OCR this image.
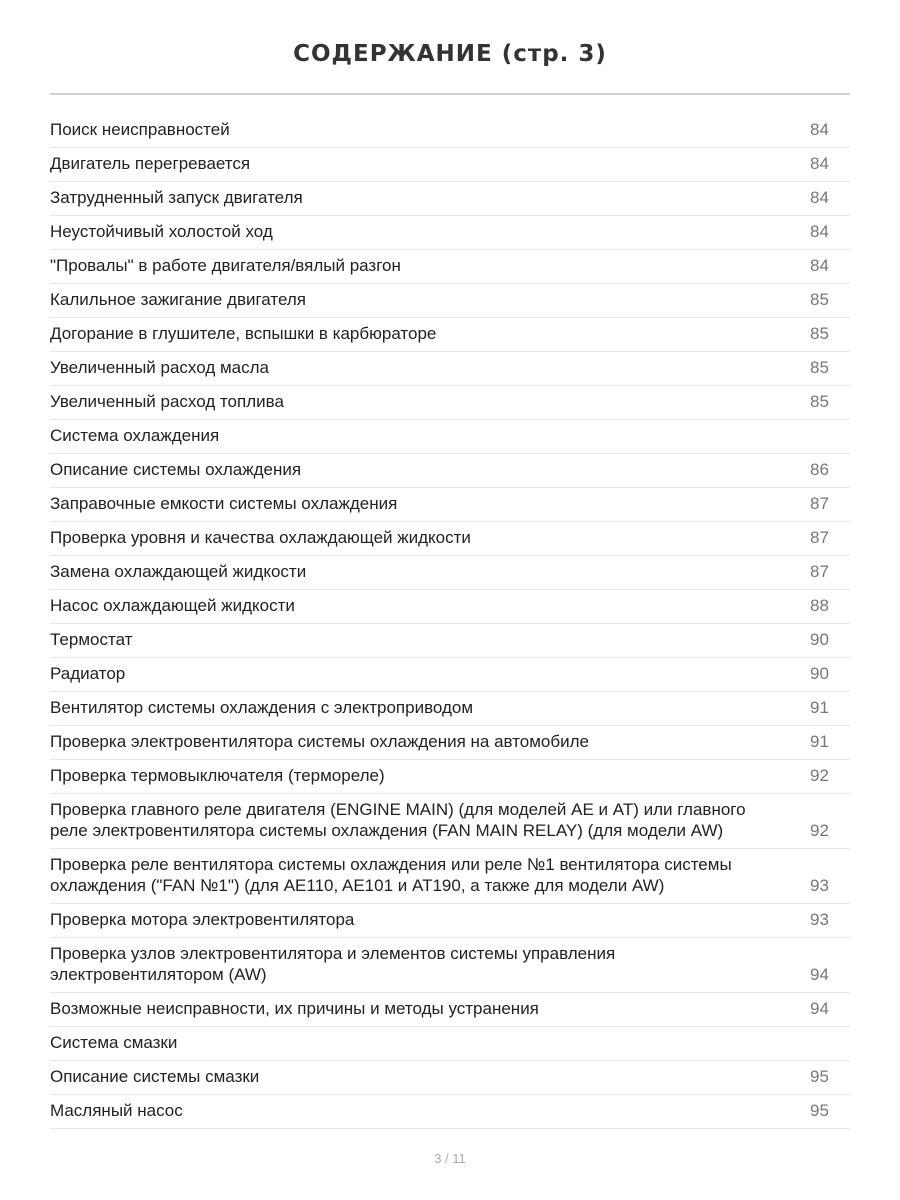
СОДЕРЖАНИЕ (стр. 3)
Поиск неисправностей	84
Двигатель перегревается	84
Затрудненный запуск двигателя	84
Неустойчивый холостой ход	84
"Провалы" в работе двигателя/вялый разгон	84
Калильное зажигание двигателя	85
Догорание в глушителе, вспышки в карбюраторе	85
Увеличенный расход масла	85
Увеличенный расход топлива	85
Система охлаждения
Описание системы охлаждения	86
Заправочные емкости системы охлаждения	87
Проверка уровня и качества охлаждающей жидкости	87
Замена охлаждающей жидкости	87
Насос охлаждающей жидкости	88
Термостат	90
Радиатор	90
Вентилятор системы охлаждения с электроприводом	91
Проверка электровентилятора системы охлаждения на автомобиле	91
Проверка термовыключателя (термореле)	92
Проверка главного реле двигателя (ENGINE MAIN) (для моделей AE и AT) или главного
реле электровентилятора системы охлаждения (FAN MAIN RELAY) (для модели AW)	92
Проверка реле вентилятора системы охлаждения или реле №1 вентилятора системы
охлаждения ("FAN №1") (для AE110, AE101 и AT190, а также для модели AW)	93
Проверка мотора электровентилятора	93
Проверка узлов электровентилятора и элементов системы управления
электровентилятором (AW)	94
Возможные неисправности, их причины и методы устранения	94
Система смазки
Описание системы смазки	95
Масляный насос	95
3 / 11
